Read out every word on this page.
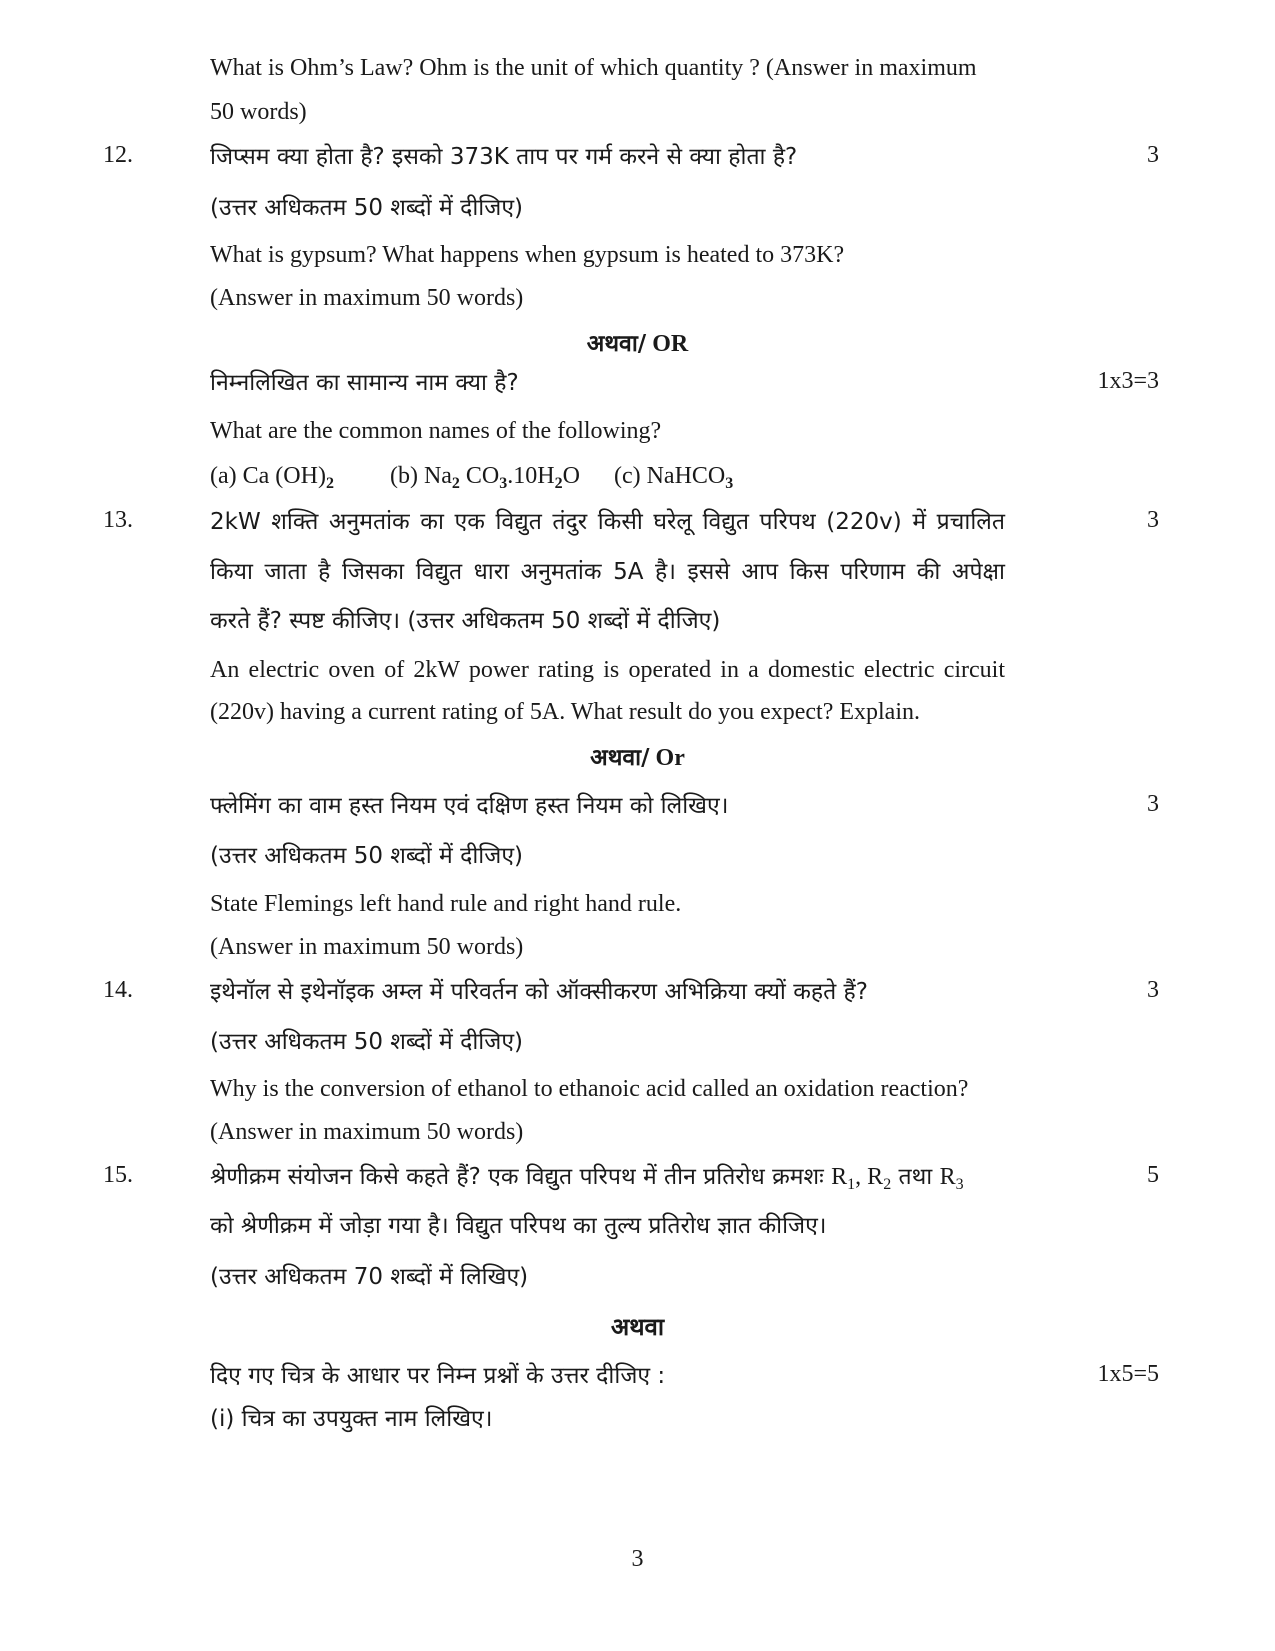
What is Ohm’s Law? Ohm is the unit of which quantity ? (Answer in maximum
50 words)
12.	जिप्सम क्या होता है? इसको 373K ताप पर गर्म करने से क्या होता है?	3
(उत्तर अधिकतम 50 शब्दों में दीजिए)
What is gypsum? What happens when gypsum is heated to 373K?
(Answer in maximum 50 words)
अथवा/ OR
निम्नलिखित का सामान्य नाम क्या है?	1x3=3
What are the common names of the following?
(a) Ca $(OH)_2$ (b) $Na_2$ $CO_3.10H_2O$ (c) NaHCO$_3$
13.	2kW शक्ति अनुमतांक का एक विद्युत तंदुर किसी घरेलू विद्युत परिपथ (220v) में प्रचालित	3
किया जाता है जिसका विद्युत धारा अनुमतांक 5A है। इससे आप किस परिणाम की अपेक्षा
करते हैं? स्पष्ट कीजिए। (उत्तर अधिकतम 50 शब्दों में दीजिए)
An electric oven of 2kW power rating is operated in a domestic electric circuit
(220v) having a current rating of 5A. What result do you expect? Explain.
अथवा/ Or
फ्लेमिंग का वाम हस्त नियम एवं दक्षिण हस्त नियम को लिखिए।	3
(उत्तर अधिकतम 50 शब्दों में दीजिए)
State Flemings left hand rule and right hand rule.
(Answer in maximum 50 words)
14.	इथेनॉल से इथेनॉइक अम्ल में परिवर्तन को ऑक्सीकरण अभिक्रिया क्यों कहते हैं?	3
(उत्तर अधिकतम 50 शब्दों में दीजिए)
Why is the conversion of ethanol to ethanoic acid called an oxidation reaction?
(Answer in maximum 50 words)
15.	श्रेणीक्रम संयोजन किसे कहते हैं? एक विद्युत परिपथ में तीन प्रतिरोध क्रमशः $R_1$, $R_2$ तथा $R_3$	5
को श्रेणीक्रम में जोड़ा गया है। विद्युत परिपथ का तुल्य प्रतिरोध ज्ञात कीजिए।
(उत्तर अधिकतम 70 शब्दों में लिखिए)
अथवा
दिए गए चित्र के आधार पर निम्न प्रश्नों के उत्तर दीजिए :	1x5=5
(i) चित्र का उपयुक्त नाम लिखिए।
3
